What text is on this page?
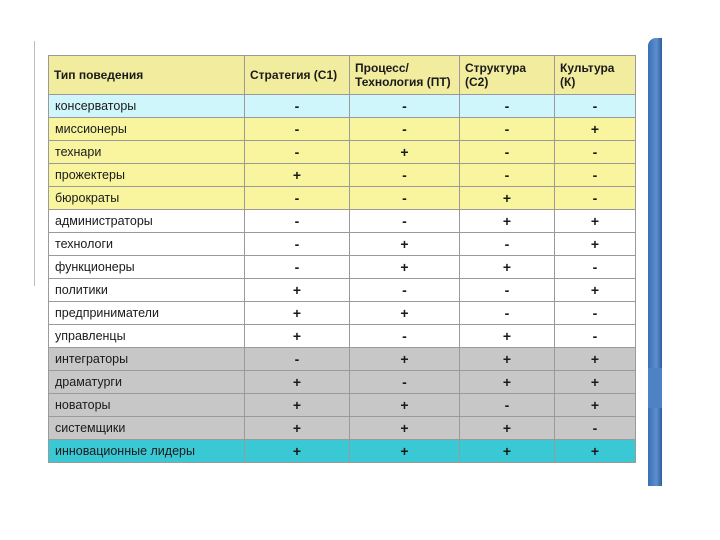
Тип поведения	Стратегия (С1)	Процесс/ Технология (ПТ)	Структура (С2)	Культура (К)
консерваторы	-	-	-	-
миссионеры	-	-	-	+
технари	-	+	-	-
прожектеры	+	-	-	-
бюрократы	-	-	+	-
администраторы	-	-	+	+
технологи	-	+	-	+
функционеры	-	+	+	-
политики	+	-	-	+
предприниматели	+	+	-	-
управленцы	+	-	+	-
интеграторы	-	+	+	+
драматурги	+	-	+	+
новаторы	+	+	-	+
системщики	+	+	+	-
инновационные лидеры	+	+	+	+
